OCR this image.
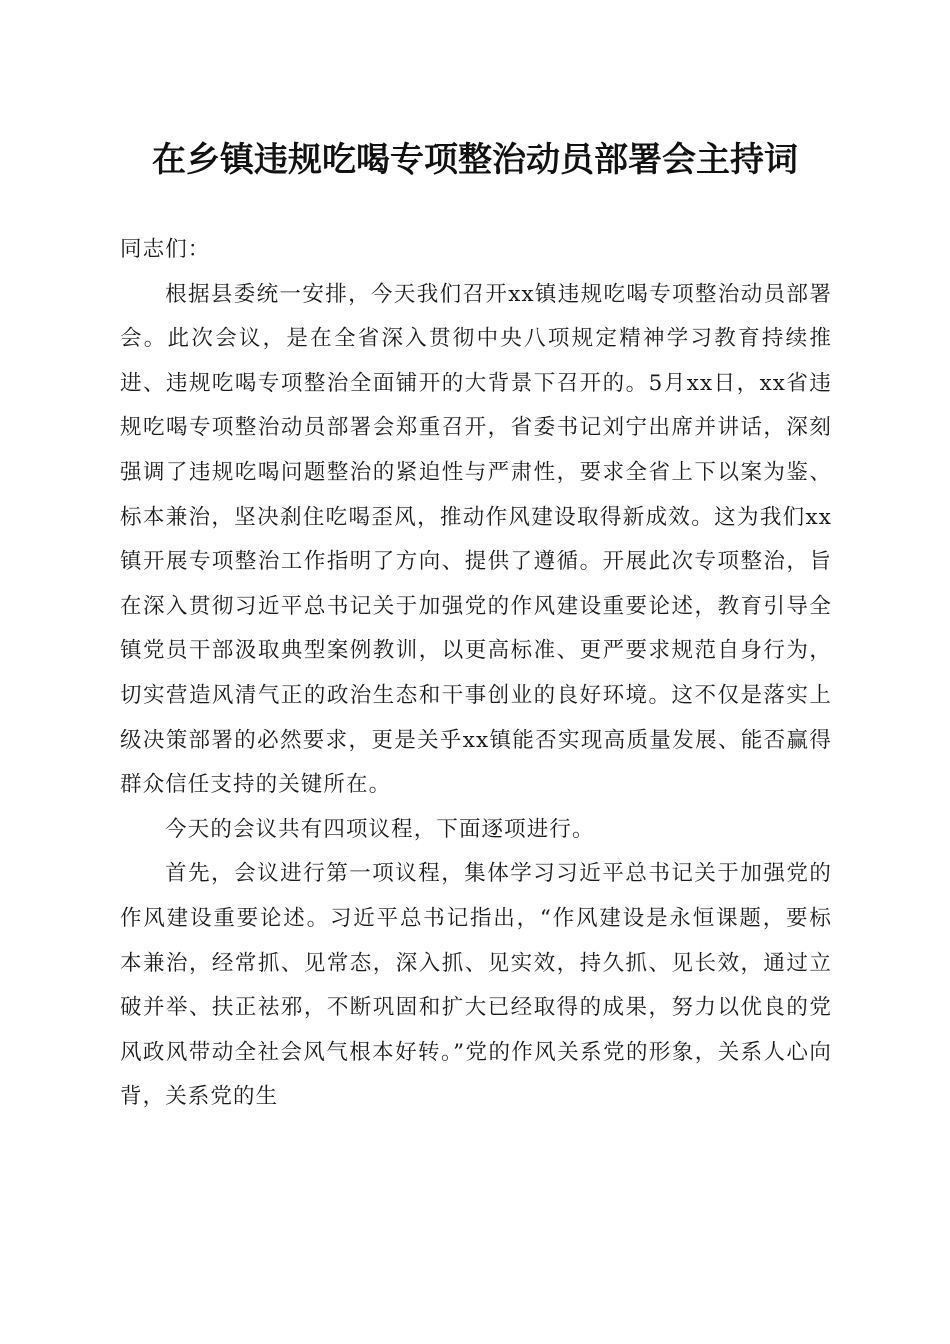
在乡镇违规吃喝专项整治动员部署会主持词

同志们：

根据县委统一安排，今天我们召开xx镇违规吃喝专项整治动员部署会。此次会议，是在全省深入贯彻中央八项规定精神学习教育持续推进、违规吃喝专项整治全面铺开的大背景下召开的。5月xx日，xx省违规吃喝专项整治动员部署会郑重召开，省委书记刘宁出席并讲话，深刻强调了违规吃喝问题整治的紧迫性与严肃性，要求全省上下以案为鉴、标本兼治，坚决刹住吃喝歪风，推动作风建设取得新成效。这为我们xx镇开展专项整治工作指明了方向、提供了遵循。开展此次专项整治，旨在深入贯彻习近平总书记关于加强党的作风建设重要论述，教育引导全镇党员干部汲取典型案例教训，以更高标准、更严要求规范自身行为，切实营造风清气正的政治生态和干事创业的良好环境。这不仅是落实上级决策部署的必然要求，更是关乎xx镇能否实现高质量发展、能否赢得群众信任支持的关键所在。

今天的会议共有四项议程，下面逐项进行。

首先，会议进行第一项议程，集体学习习近平总书记关于加强党的作风建设重要论述。习近平总书记指出，“作风建设是永恒课题，要标本兼治，经常抓、见常态，深入抓、见实效，持久抓、见长效，通过立破并举、扶正祛邪，不断巩固和扩大已经取得的成果，努力以优良的党风政风带动全社会风气根本好转。”党的作风关系党的形象，关系人心向背，关系党的生
